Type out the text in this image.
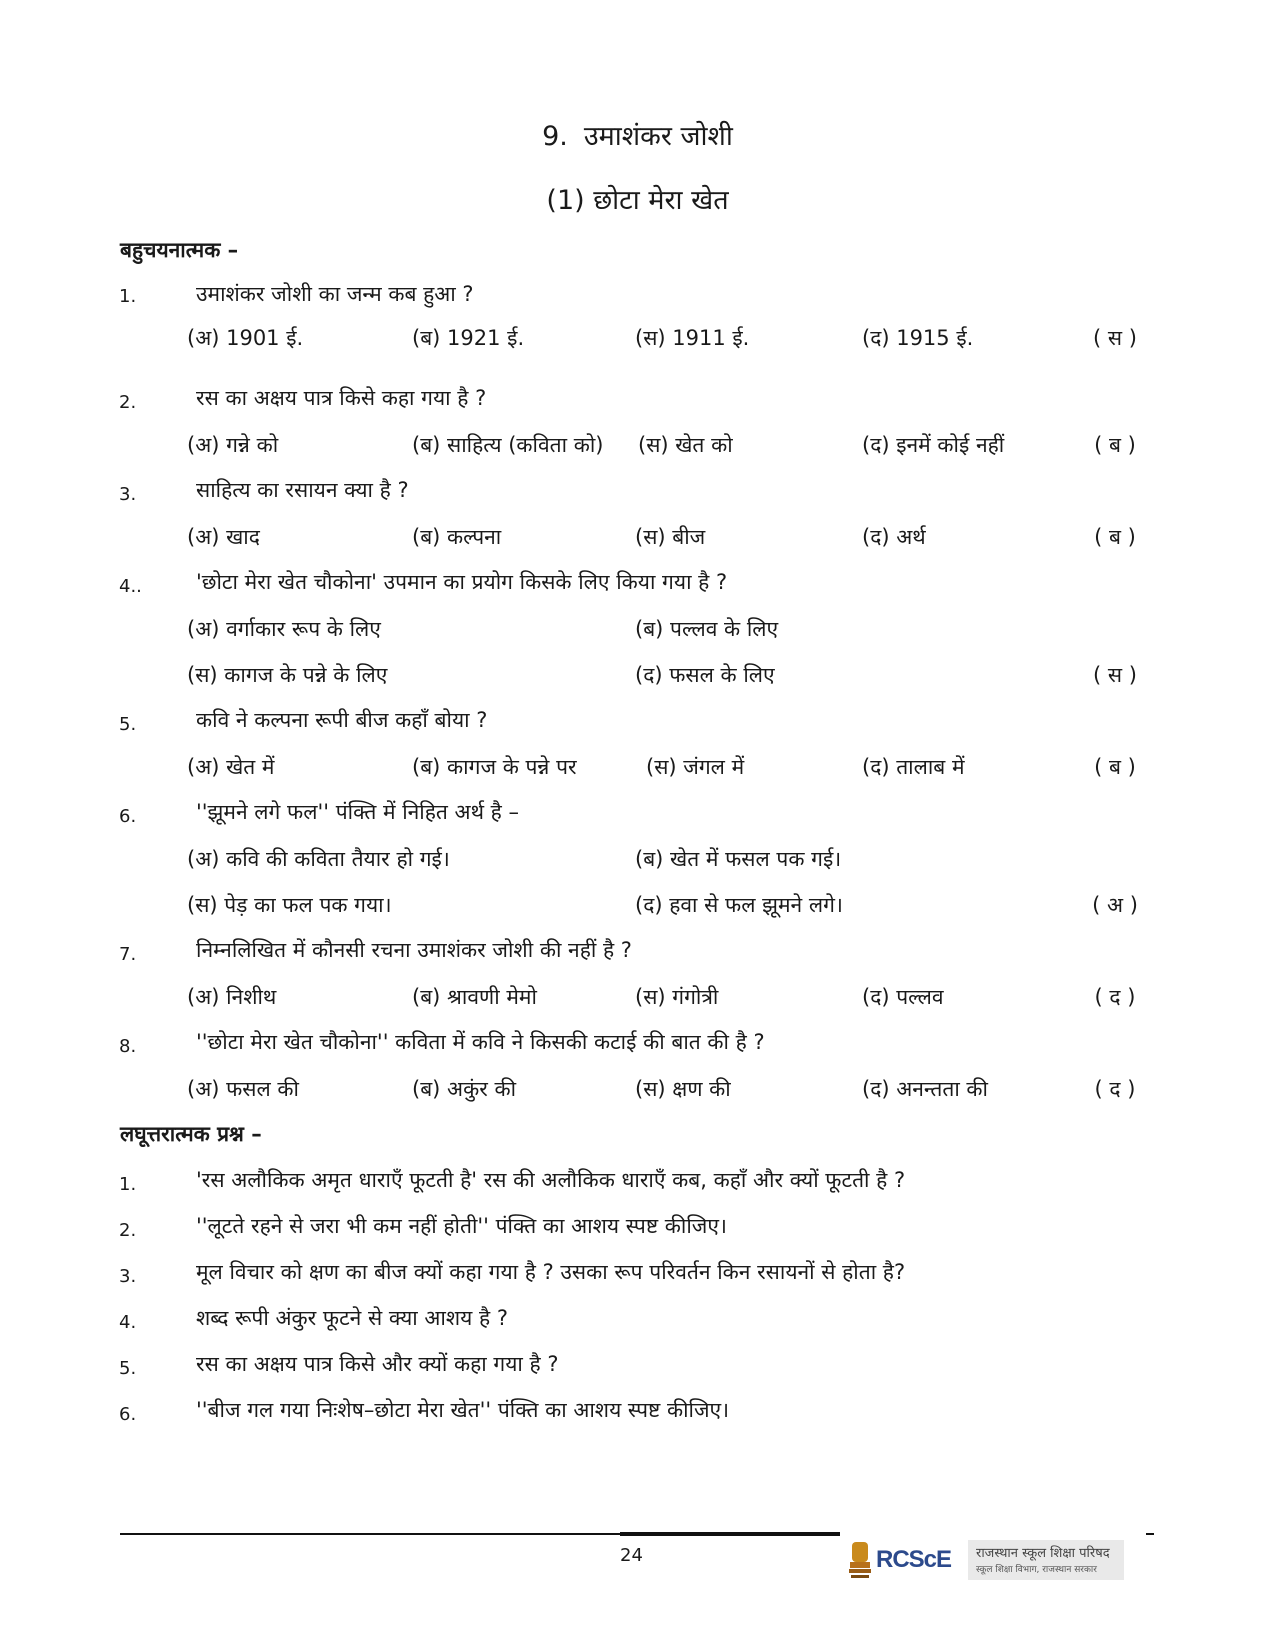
9. उमाशंकर जोशी
(1) छोटा मेरा खेत
बहुचयनात्मक –
1.	उमाशंकर जोशी का जन्म कब हुआ ?
(अ) 1901 ई.	(ब) 1921 ई.	(स) 1911 ई.	(द) 1915 ई.	( स )
2.	रस का अक्षय पात्र किसे कहा गया है ?
(अ) गन्ने को	(ब) साहित्य (कविता को) (स) खेत को	(द) इनमें कोई नहीं	( ब )
3.	साहित्य का रसायन क्या है ?
(अ) खाद	(ब) कल्पना	(स) बीज	(द) अर्थ	( ब )
4..	'छोटा मेरा खेत चौकोना' उपमान का प्रयोग किसके लिए किया गया है ?
(अ) वर्गाकार रूप के लिए	(ब) पल्लव के लिए
(स) कागज के पन्ने के लिए	(द) फसल के लिए	( स )
5.	कवि ने कल्पना रूपी बीज कहाँ बोया ?
(अ) खेत में	(ब) कागज के पन्ने पर	(स) जंगल में	(द) तालाब में	( ब )
6.	''झूमने लगे फल'' पंक्ति में निहित अर्थ है –
(अ) कवि की कविता तैयार हो गई।	(ब) खेत में फसल पक गई।
(स) पेड़ का फल पक गया।	(द) हवा से फल झूमने लगे।	( अ )
7.	निम्नलिखित में कौनसी रचना उमाशंकर जोशी की नहीं है ?
(अ) निशीथ	(ब) श्रावणी मेमो	(स) गंगोत्री	(द) पल्लव	( द )
8.	''छोटा मेरा खेत चौकोना'' कविता में कवि ने किसकी कटाई की बात की है ?
(अ) फसल की	(ब) अकुंर की	(स) क्षण की	(द) अनन्तता की	( द )
लघूत्तरात्मक प्रश्न –
1.	'रस अलौकिक अमृत धाराएँ फूटती है' रस की अलौकिक धाराएँ कब, कहाँ और क्यों फूटती है ?
2.	''लूटते रहने से जरा भी कम नहीं होती'' पंक्ति का आशय स्पष्ट कीजिए।
3.	मूल विचार को क्षण का बीज क्यों कहा गया है ? उसका रूप परिवर्तन किन रसायनों से होता है?
4.	शब्द रूपी अंकुर फूटने से क्या आशय है ?
5.	रस का अक्षय पात्र किसे और क्यों कहा गया है ?
6.	''बीज गल गया निःशेष–छोटा मेरा खेत'' पंक्ति का आशय स्पष्ट कीजिए।
24	RCScE राजस्थान स्कूल शिक्षा परिषद
स्कूल शिक्षा विभाग, राजस्थान सरकार
